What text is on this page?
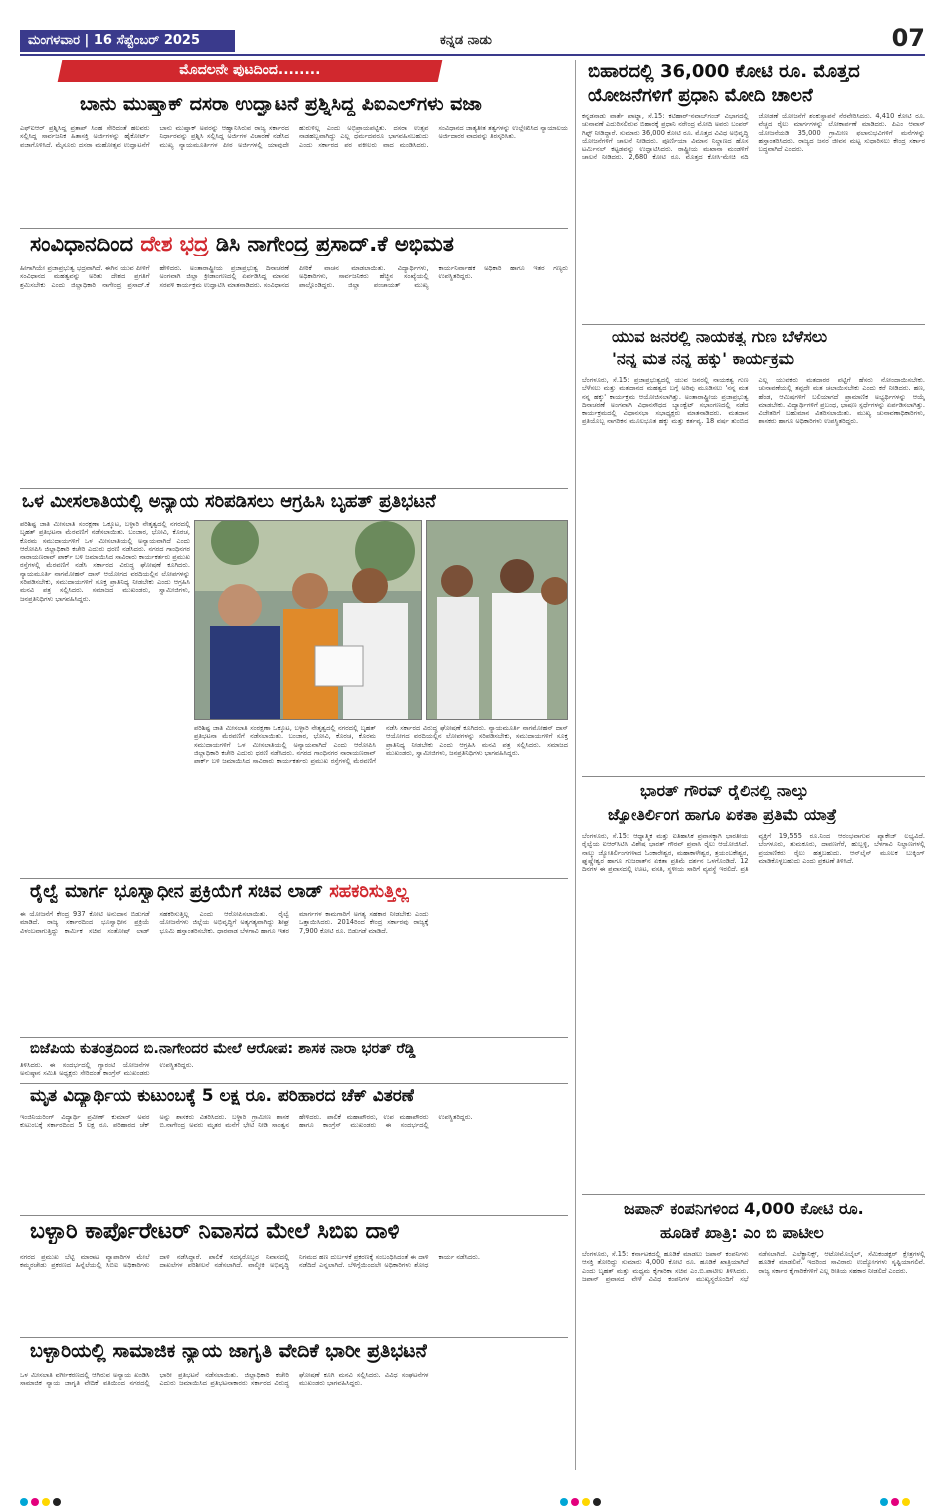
ಮಂಗಳವಾರ | 16 ಸೆಪ್ಟೆಂಬರ್ 2025	ಕನ್ನಡ ನಾಡು	07
ಮೊದಲನೇ ಪುಟದಿಂದ........
ಬಾನು ಮುಷ್ತಾಕ್ ದಸರಾ ಉದ್ಘಾಟನೆ ಪ್ರಶ್ನಿಸಿದ್ದ ಪಿಐಎಲ್‌ಗಳು ವಜಾ
ಎಫ್‌ಐಆರ್ ಪ್ರಶ್ನಿಸಿದ್ದ ಪ್ರತಾಪ್ ಸಿಂಹ ಸೇರಿದಂತೆ ಹಲವರು ಸಲ್ಲಿಸಿದ್ದ ಸಾರ್ವಜನಿಕ ಹಿತಾಸಕ್ತಿ ಅರ್ಜಿಗಳನ್ನು ಹೈಕೋರ್ಟ್ ವಜಾಗೊಳಿಸಿದೆ. ಮೈಸೂರು ದಸರಾ ಮಹೋತ್ಸವ ಉದ್ಘಾಟನೆಗೆ ಬಾನು ಮುಷ್ತಾಕ್ ಅವರನ್ನು ಆಹ್ವಾನಿಸಿರುವ ರಾಜ್ಯ ಸರ್ಕಾರದ ನಿರ್ಧಾರವನ್ನು ಪ್ರಶ್ನಿಸಿ ಸಲ್ಲಿಸಿದ್ದ ಅರ್ಜಿಗಳ ವಿಚಾರಣೆ ನಡೆಸಿದ ಮುಖ್ಯ ನ್ಯಾಯಮೂರ್ತಿಗಳ ಪೀಠ ಅರ್ಜಿಗಳಲ್ಲಿ ಯಾವುದೇ ಹುರುಳಿಲ್ಲ ಎಂದು ಅಭಿಪ್ರಾಯಪಟ್ಟಿತು. ದಸರಾ ಉತ್ಸವ ನಾಡಹಬ್ಬವಾಗಿದ್ದು ಎಲ್ಲ ಧರ್ಮದವರೂ ಭಾಗವಹಿಸಬಹುದು ಎಂದು ಸರ್ಕಾರದ ಪರ ವಕೀಲರು ವಾದ ಮಂಡಿಸಿದರು. ಸಂವಿಧಾನದ ಜಾತ್ಯತೀತ ತತ್ವಗಳನ್ನು ಉಲ್ಲೇಖಿಸಿದ ನ್ಯಾಯಾಲಯ ಅರ್ಜಿದಾರರ ವಾದವನ್ನು ತಿರಸ್ಕರಿಸಿತು.
ಸಂವಿಧಾನದಿಂದ ದೇಶ ಭದ್ರ ಡಿಸಿ ನಾಗೇಂದ್ರ ಪ್ರಸಾದ್.ಕೆ ಅಭಿಮತ
ಹೀಗಾಗಿಯೇ ಪ್ರಜಾಪ್ರಭುತ್ವ ಭದ್ರವಾಗಿದೆ. ಈಗಿನ ಯುವ ಪೀಳಿಗೆ ಸಂವಿಧಾನದ ಮಹತ್ವವನ್ನು ಅರಿತು ದೇಶದ ಪ್ರಗತಿಗೆ ಶ್ರಮಿಸಬೇಕು ಎಂದು ಜಿಲ್ಲಾಧಿಕಾರಿ ನಾಗೇಂದ್ರ ಪ್ರಸಾದ್.ಕೆ ಹೇಳಿದರು. ಅಂತಾರಾಷ್ಟ್ರೀಯ ಪ್ರಜಾಪ್ರಭುತ್ವ ದಿನಾಚರಣೆ ಅಂಗವಾಗಿ ಜಿಲ್ಲಾ ಕ್ರೀಡಾಂಗಣದಲ್ಲಿ ಏರ್ಪಡಿಸಿದ್ದ ಮಾನವ ಸರಪಳಿ ಕಾರ್ಯಕ್ರಮ ಉದ್ಘಾಟಿಸಿ ಮಾತನಾಡಿದರು. ಸಂವಿಧಾನದ ಪೀಠಿಕೆ ವಾಚನ ಮಾಡಲಾಯಿತು. ವಿದ್ಯಾರ್ಥಿಗಳು, ಅಧಿಕಾರಿಗಳು, ಸಾರ್ವಜನಿಕರು ಹೆಚ್ಚಿನ ಸಂಖ್ಯೆಯಲ್ಲಿ ಪಾಲ್ಗೊಂಡಿದ್ದರು. ಜಿಲ್ಲಾ ಪಂಚಾಯತ್ ಮುಖ್ಯ ಕಾರ್ಯನಿರ್ವಾಹಕ ಅಧಿಕಾರಿ ಹಾಗೂ ಇತರ ಗಣ್ಯರು ಉಪಸ್ಥಿತರಿದ್ದರು.
ಒಳ ಮೀಸಲಾತಿಯಲ್ಲಿ ಅನ್ಯಾಯ ಸರಿಪಡಿಸಲು ಆಗ್ರಹಿಸಿ ಬೃಹತ್ ಪ್ರತಿಭಟನೆ
ಪರಿಶಿಷ್ಟ ಜಾತಿ ಮೀಸಲಾತಿ ಸಂರಕ್ಷಣಾ ಒಕ್ಕೂಟ, ಬಳ್ಳಾರಿ ನೇತೃತ್ವದಲ್ಲಿ ನಗರದಲ್ಲಿ ಬೃಹತ್ ಪ್ರತಿಭಟನಾ ಮೆರವಣಿಗೆ ನಡೆಸಲಾಯಿತು. ಬಂಜಾರ, ಭೋವಿ, ಕೊರಚ, ಕೊರಮ ಸಮುದಾಯಗಳಿಗೆ ಒಳ ಮೀಸಲಾತಿಯಲ್ಲಿ ಅನ್ಯಾಯವಾಗಿದೆ ಎಂದು ಆರೋಪಿಸಿ ಜಿಲ್ಲಾಧಿಕಾರಿ ಕಚೇರಿ ಎದುರು ಧರಣಿ ನಡೆಸಿದರು. ನಗರದ ಗಾಂಧಿನಗರ ನಾರಾಯಣರಾವ್ ಪಾರ್ಕ್ ಬಳಿ ಜಮಾಯಿಸಿದ ಸಾವಿರಾರು ಕಾರ್ಯಕರ್ತರು ಪ್ರಮುಖ ರಸ್ತೆಗಳಲ್ಲಿ ಮೆರವಣಿಗೆ ನಡೆಸಿ ಸರ್ಕಾರದ ವಿರುದ್ಧ ಘೋಷಣೆ ಕೂಗಿದರು. ನ್ಯಾಯಮೂರ್ತಿ ನಾಗಮೋಹನ್ ದಾಸ್ ಆಯೋಗದ ವರದಿಯಲ್ಲಿನ ಲೋಪಗಳನ್ನು ಸರಿಪಡಿಸಬೇಕು, ಸಮುದಾಯಗಳಿಗೆ ಸೂಕ್ತ ಪ್ರಾತಿನಿಧ್ಯ ನೀಡಬೇಕು ಎಂದು ಆಗ್ರಹಿಸಿ ಮನವಿ ಪತ್ರ ಸಲ್ಲಿಸಿದರು. ಸಮಾಜದ ಮುಖಂಡರು, ಸ್ವಾಮೀಜಿಗಳು, ಜನಪ್ರತಿನಿಧಿಗಳು ಭಾಗವಹಿಸಿದ್ದರು.
ಪರಿಶಿಷ್ಟ ಜಾತಿ ಮೀಸಲಾತಿ ಸಂರಕ್ಷಣಾ ಒಕ್ಕೂಟ, ಬಳ್ಳಾರಿ ನೇತೃತ್ವದಲ್ಲಿ ನಗರದಲ್ಲಿ ಬೃಹತ್ ಪ್ರತಿಭಟನಾ ಮೆರವಣಿಗೆ ನಡೆಸಲಾಯಿತು. ಬಂಜಾರ, ಭೋವಿ, ಕೊರಚ, ಕೊರಮ ಸಮುದಾಯಗಳಿಗೆ ಒಳ ಮೀಸಲಾತಿಯಲ್ಲಿ ಅನ್ಯಾಯವಾಗಿದೆ ಎಂದು ಆರೋಪಿಸಿ ಜಿಲ್ಲಾಧಿಕಾರಿ ಕಚೇರಿ ಎದುರು ಧರಣಿ ನಡೆಸಿದರು. ನಗರದ ಗಾಂಧಿನಗರ ನಾರಾಯಣರಾವ್ ಪಾರ್ಕ್ ಬಳಿ ಜಮಾಯಿಸಿದ ಸಾವಿರಾರು ಕಾರ್ಯಕರ್ತರು ಪ್ರಮುಖ ರಸ್ತೆಗಳಲ್ಲಿ ಮೆರವಣಿಗೆ ನಡೆಸಿ ಸರ್ಕಾರದ ವಿರುದ್ಧ ಘೋಷಣೆ ಕೂಗಿದರು. ನ್ಯಾಯಮೂರ್ತಿ ನಾಗಮೋಹನ್ ದಾಸ್ ಆಯೋಗದ ವರದಿಯಲ್ಲಿನ ಲೋಪಗಳನ್ನು ಸರಿಪಡಿಸಬೇಕು, ಸಮುದಾಯಗಳಿಗೆ ಸೂಕ್ತ ಪ್ರಾತಿನಿಧ್ಯ ನೀಡಬೇಕು ಎಂದು ಆಗ್ರಹಿಸಿ ಮನವಿ ಪತ್ರ ಸಲ್ಲಿಸಿದರು. ಸಮಾಜದ ಮುಖಂಡರು, ಸ್ವಾಮೀಜಿಗಳು, ಜನಪ್ರತಿನಿಧಿಗಳು ಭಾಗವಹಿಸಿದ್ದರು.
ರೈಲ್ವೆ ಮಾರ್ಗ ಭೂಸ್ವಾಧೀನ ಪ್ರಕ್ರಿಯೆಗೆ ಸಚಿವ ಲಾಡ್ ಸಹಕರಿಸುತ್ತಿಲ್ಲ
ಈ ಯೋಜನೆಗೆ ಕೇಂದ್ರ 937 ಕೋಟಿ ಅನುದಾನ ಬಿಡುಗಡೆ ಮಾಡಿದೆ. ರಾಜ್ಯ ಸರ್ಕಾರದಿಂದ ಭೂಸ್ವಾಧೀನ ಪ್ರಕ್ರಿಯೆ ವಿಳಂಬವಾಗುತ್ತಿದ್ದು ಕಾರ್ಮಿಕ ಸಚಿವ ಸಂತೋಷ್ ಲಾಡ್ ಸಹಕರಿಸುತ್ತಿಲ್ಲ ಎಂದು ಆರೋಪಿಸಲಾಯಿತು. ರೈಲ್ವೆ ಯೋಜನೆಗಳು ಜಿಲ್ಲೆಯ ಅಭಿವೃದ್ಧಿಗೆ ಅತ್ಯಗತ್ಯವಾಗಿದ್ದು ಶೀಘ್ರ ಭೂಮಿ ಹಸ್ತಾಂತರಿಸಬೇಕು. ಧಾರವಾಡ ಬೆಳಗಾವಿ ಹಾಗೂ ಇತರ ಮಾರ್ಗಗಳ ಕಾಮಗಾರಿಗೆ ಅಗತ್ಯ ಸಹಕಾರ ನೀಡಬೇಕು ಎಂದು ಒತ್ತಾಯಿಸಿದರು. 2014ರಿಂದ ಕೇಂದ್ರ ಸರ್ಕಾರವು ರಾಜ್ಯಕ್ಕೆ 7,900 ಕೋಟಿ ರೂ. ಬಿಡುಗಡೆ ಮಾಡಿದೆ.
ಬಿಜೆಪಿಯ ಕುತಂತ್ರದಿಂದ ಬಿ.ನಾಗೇಂದರ ಮೇಲೆ ಆರೋಪ: ಶಾಸಕ ನಾರಾ ಭರತ್ ರೆಡ್ಡಿ
ತಿಳಿಸಿದರು. ಈ ಸಂದರ್ಭದಲ್ಲಿ ಗ್ಯಾರಂಟಿ ಯೋಜನೆಗಳ ಅನುಷ್ಠಾನ ಸಮಿತಿ ಅಧ್ಯಕ್ಷರು ಸೇರಿದಂತೆ ಕಾಂಗ್ರೆಸ್ ಮುಖಂಡರು ಉಪಸ್ಥಿತರಿದ್ದರು.
ಮೃತ ವಿದ್ಯಾರ್ಥಿಯ ಕುಟುಂಬಕ್ಕೆ 5 ಲಕ್ಷ ರೂ. ಪರಿಹಾರದ ಚೆಕ್ ವಿತರಣೆ
ಇಂಜಿನಿಯರಿಂಗ್ ವಿದ್ಯಾರ್ಥಿ ಪ್ರವೀಣ್ ಕುಮಾರ್ ಅವರ ಕುಟುಂಬಕ್ಕೆ ಸರ್ಕಾರದಿಂದ 5 ಲಕ್ಷ ರೂ. ಪರಿಹಾರದ ಚೆಕ್ ಅನ್ನು ಶಾಸಕರು ವಿತರಿಸಿದರು. ಬಳ್ಳಾರಿ ಗ್ರಾಮೀಣ ಶಾಸಕ ಬಿ.ನಾಗೇಂದ್ರ ಅವರು ಮೃತರ ಮನೆಗೆ ಭೇಟಿ ನೀಡಿ ಸಾಂತ್ವನ ಹೇಳಿದರು. ಪಾಲಿಕೆ ಮಹಾಪೌರರು, ಉಪ ಮಹಾಪೌರರು ಹಾಗೂ ಕಾಂಗ್ರೆಸ್ ಮುಖಂಡರು ಈ ಸಂದರ್ಭದಲ್ಲಿ ಉಪಸ್ಥಿತರಿದ್ದರು.
ಬಳ್ಳಾರಿ ಕಾರ್ಪೊರೇಟರ್ ನಿವಾಸದ ಮೇಲೆ ಸಿಬಿಐ ದಾಳಿ
ನಗರದ ಪ್ರಮುಖ ಬೆಟ್ಟಿ ಮಾರಾಟ ವ್ಯಾಪಾರಿಗಳ ಮೇಲೆ ಕಮ್ಮರಚೇಡು ಪ್ರಕರಣದ ಹಿನ್ನೆಲೆಯಲ್ಲಿ ಸಿಬಿಐ ಅಧಿಕಾರಿಗಳು ದಾಳಿ ನಡೆಸಿದ್ದಾರೆ. ಪಾಲಿಕೆ ಸದಸ್ಯರೊಬ್ಬರ ನಿವಾಸದಲ್ಲಿ ದಾಖಲೆಗಳ ಪರಿಶೀಲನೆ ನಡೆಸಲಾಗಿದೆ. ವಾಲ್ಮೀಕಿ ಅಭಿವೃದ್ಧಿ ನಿಗಮದ ಹಣ ದುರ್ಬಳಕೆ ಪ್ರಕರಣಕ್ಕೆ ಸಂಬಂಧಿಸಿದಂತೆ ಈ ದಾಳಿ ನಡೆದಿದೆ ಎನ್ನಲಾಗಿದೆ. ಬೆಳಿಗ್ಗೆಯಿಂದಲೇ ಅಧಿಕಾರಿಗಳು ಶೋಧ ಕಾರ್ಯ ನಡೆಸಿದರು.
ಬಳ್ಳಾರಿಯಲ್ಲಿ ಸಾಮಾಜಿಕ ನ್ಯಾಯ ಜಾಗೃತಿ ವೇದಿಕೆ ಭಾರೀ ಪ್ರತಿಭಟನೆ
ಒಳ ಮೀಸಲಾತಿ ವರ್ಗೀಕರಣದಲ್ಲಿ ಆಗಿರುವ ಅನ್ಯಾಯ ಖಂಡಿಸಿ ಸಾಮಾಜಿಕ ನ್ಯಾಯ ಜಾಗೃತಿ ವೇದಿಕೆ ವತಿಯಿಂದ ನಗರದಲ್ಲಿ ಭಾರೀ ಪ್ರತಿಭಟನೆ ನಡೆಸಲಾಯಿತು. ಜಿಲ್ಲಾಧಿಕಾರಿ ಕಚೇರಿ ಎದುರು ಜಮಾಯಿಸಿದ ಪ್ರತಿಭಟನಾಕಾರರು ಸರ್ಕಾರದ ವಿರುದ್ಧ ಘೋಷಣೆ ಕೂಗಿ ಮನವಿ ಸಲ್ಲಿಸಿದರು. ವಿವಿಧ ಸಂಘಟನೆಗಳ ಮುಖಂಡರು ಭಾಗವಹಿಸಿದ್ದರು.
ಬಿಹಾರದಲ್ಲಿ 36,000 ಕೋಟಿ ರೂ. ಮೊತ್ತದ
ಯೋಜನೆಗಳಿಗೆ ಪ್ರಧಾನಿ ಮೋದಿ ಚಾಲನೆ
ಕನ್ನಡನಾಡು ವಾರ್ತೆ ಪಾಟ್ನಾ, ಸೆ.15: ಕಟಿಹಾರ್-ನವಾಬ್‌ಗಂಜ್ ವಿಭಾಗದಲ್ಲಿ ಚುನಾವಣೆ ಎದುರಿಸಲಿರುವ ಬಿಹಾರಕ್ಕೆ ಪ್ರಧಾನಿ ನರೇಂದ್ರ ಮೋದಿ ಅವರು ಬಂಪರ್ ಗಿಫ್ಟ್ ನೀಡಿದ್ದಾರೆ. ಸುಮಾರು 36,000 ಕೋಟಿ ರೂ. ಮೊತ್ತದ ವಿವಿಧ ಅಭಿವೃದ್ಧಿ ಯೋಜನೆಗಳಿಗೆ ಚಾಲನೆ ನೀಡಿದರು. ಪೂರ್ಣಿಯಾ ವಿಮಾನ ನಿಲ್ದಾಣದ ಹೊಸ ಟರ್ಮಿನಲ್ ಕಟ್ಟಡವನ್ನು ಉದ್ಘಾಟಿಸಿದರು. ರಾಷ್ಟ್ರೀಯ ಮಖಾನಾ ಮಂಡಳಿಗೆ ಚಾಲನೆ ನೀಡಿದರು. 2,680 ಕೋಟಿ ರೂ. ಮೊತ್ತದ ಕೋಸಿ-ಮೇಚಿ ನದಿ ಜೋಡಣೆ ಯೋಜನೆಗೆ ಶಂಕುಸ್ಥಾಪನೆ ನೆರವೇರಿಸಿದರು. 4,410 ಕೋಟಿ ರೂ. ವೆಚ್ಚದ ರೈಲು ಮಾರ್ಗಗಳನ್ನು ಲೋಕಾರ್ಪಣೆ ಮಾಡಿದರು. ಪಿಎಂ ಆವಾಸ್ ಯೋಜನೆಯಡಿ 35,000 ಗ್ರಾಮೀಣ ಫಲಾನುಭವಿಗಳಿಗೆ ಮನೆಗಳನ್ನು ಹಸ್ತಾಂತರಿಸಿದರು. ರಾಜ್ಯದ ಜನರ ಜೀವನ ಮಟ್ಟ ಸುಧಾರಿಸಲು ಕೇಂದ್ರ ಸರ್ಕಾರ ಬದ್ಧವಾಗಿದೆ ಎಂದರು.
ಯುವ ಜನರಲ್ಲಿ ನಾಯಕತ್ವ ಗುಣ ಬೆಳೆಸಲು
'ನನ್ನ ಮತ ನನ್ನ ಹಕ್ಕು' ಕಾರ್ಯಕ್ರಮ
ಬೆಂಗಳೂರು, ಸೆ.15: ಪ್ರಜಾಪ್ರಭುತ್ವದಲ್ಲಿ ಯುವ ಜನರಲ್ಲಿ ನಾಯಕತ್ವ ಗುಣ ಬೆಳೆಸಲು ಮತ್ತು ಮತದಾನದ ಮಹತ್ವದ ಬಗ್ಗೆ ಅರಿವು ಮೂಡಿಸಲು 'ನನ್ನ ಮತ ನನ್ನ ಹಕ್ಕು' ಕಾರ್ಯಕ್ರಮ ಆಯೋಜಿಸಲಾಗಿತ್ತು. ಅಂತಾರಾಷ್ಟ್ರೀಯ ಪ್ರಜಾಪ್ರಭುತ್ವ ದಿನಾಚರಣೆ ಅಂಗವಾಗಿ ವಿಧಾನಸೌಧದ ಬ್ಯಾಂಕ್ವೆಟ್ ಸಭಾಂಗಣದಲ್ಲಿ ನಡೆದ ಕಾರ್ಯಕ್ರಮದಲ್ಲಿ ವಿಧಾನಸಭಾ ಸಭಾಧ್ಯಕ್ಷರು ಮಾತನಾಡಿದರು. ಮತದಾನ ಪ್ರತಿಯೊಬ್ಬ ನಾಗರಿಕನ ಮೂಲಭೂತ ಹಕ್ಕು ಮತ್ತು ಕರ್ತವ್ಯ. 18 ವರ್ಷ ತುಂಬಿದ ಎಲ್ಲ ಯುವಕರು ಮತದಾರರ ಪಟ್ಟಿಗೆ ಹೆಸರು ನೋಂದಾಯಿಸಬೇಕು. ಚುನಾವಣೆಯಲ್ಲಿ ತಪ್ಪದೇ ಮತ ಚಲಾಯಿಸಬೇಕು ಎಂದು ಕರೆ ನೀಡಿದರು. ಹಣ, ಹೆಂಡ, ಆಮಿಷಗಳಿಗೆ ಬಲಿಯಾಗದೆ ಪ್ರಾಮಾಣಿಕ ಅಭ್ಯರ್ಥಿಗಳನ್ನು ಆಯ್ಕೆ ಮಾಡಬೇಕು. ವಿದ್ಯಾರ್ಥಿಗಳಿಗೆ ಪ್ರಬಂಧ, ಭಾಷಣ ಸ್ಪರ್ಧೆಗಳನ್ನು ಏರ್ಪಡಿಸಲಾಗಿತ್ತು. ವಿಜೇತರಿಗೆ ಬಹುಮಾನ ವಿತರಿಸಲಾಯಿತು. ಮುಖ್ಯ ಚುನಾವಣಾಧಿಕಾರಿಗಳು, ಶಾಸಕರು ಹಾಗೂ ಅಧಿಕಾರಿಗಳು ಉಪಸ್ಥಿತರಿದ್ದರು.
ಭಾರತ್ ಗೌರವ್ ರೈಲಿನಲ್ಲಿ ನಾಲ್ಕು
ಜ್ಯೋತಿರ್ಲಿಂಗ ಹಾಗೂ ಏಕತಾ ಪ್ರತಿಮೆ ಯಾತ್ರೆ
ಬೆಂಗಳೂರು, ಸೆ.15: ಆಧ್ಯಾತ್ಮಿಕ ಮತ್ತು ಐತಿಹಾಸಿಕ ಪ್ರವಾಸಕ್ಕಾಗಿ ಭಾರತೀಯ ರೈಲ್ವೆಯ ಐಆರ್‌ಸಿಟಿಸಿ ವಿಶೇಷ ಭಾರತ್ ಗೌರವ್ ಪ್ರವಾಸಿ ರೈಲು ಆಯೋಜಿಸಿದೆ. ನಾಲ್ಕು ಜ್ಯೋತಿರ್ಲಿಂಗಗಳಾದ ಓಂಕಾರೇಶ್ವರ, ಮಹಾಕಾಳೇಶ್ವರ, ತ್ರಯಂಬಕೇಶ್ವರ, ಘೃಷ್ಣೇಶ್ವರ ಹಾಗೂ ಗುಜರಾತ್‌ನ ಏಕತಾ ಪ್ರತಿಮೆ ದರ್ಶನ ಒಳಗೊಂಡಿದೆ. 12 ದಿನಗಳ ಈ ಪ್ರವಾಸದಲ್ಲಿ ಊಟ, ವಸತಿ, ಸ್ಥಳೀಯ ಸಾರಿಗೆ ವ್ಯವಸ್ಥೆ ಇರಲಿದೆ. ಪ್ರತಿ ವ್ಯಕ್ತಿಗೆ 19,555 ರೂ.ನಿಂದ ಆರಂಭವಾಗುವ ಪ್ಯಾಕೇಜ್ ಲಭ್ಯವಿದೆ. ಬೆಂಗಳೂರು, ತುಮಕೂರು, ದಾವಣಗೆರೆ, ಹುಬ್ಬಳ್ಳಿ, ಬೆಳಗಾವಿ ನಿಲ್ದಾಣಗಳಲ್ಲಿ ಪ್ರಯಾಣಿಕರು ರೈಲು ಹತ್ತಬಹುದು. ಆನ್‌ಲೈನ್ ಮೂಲಕ ಬುಕ್ಕಿಂಗ್ ಮಾಡಿಕೊಳ್ಳಬಹುದು ಎಂದು ಪ್ರಕಟಣೆ ತಿಳಿಸಿದೆ.
ಜಪಾನ್ ಕಂಪನಿಗಳಿಂದ 4,000 ಕೋಟಿ ರೂ.
ಹೂಡಿಕೆ ಖಾತ್ರಿ: ಎಂ ಬಿ ಪಾಟೀಲ
ಬೆಂಗಳೂರು, ಸೆ.15: ಕರ್ನಾಟಕದಲ್ಲಿ ಹೂಡಿಕೆ ಮಾಡಲು ಜಪಾನ್ ಕಂಪನಿಗಳು ಆಸಕ್ತಿ ತೋರಿದ್ದು ಸುಮಾರು 4,000 ಕೋಟಿ ರೂ. ಹೂಡಿಕೆ ಖಾತ್ರಿಯಾಗಿದೆ ಎಂದು ಬೃಹತ್ ಮತ್ತು ಮಧ್ಯಮ ಕೈಗಾರಿಕಾ ಸಚಿವ ಎಂ.ಬಿ.ಪಾಟೀಲ ತಿಳಿಸಿದರು. ಜಪಾನ್ ಪ್ರವಾಸದ ವೇಳೆ ವಿವಿಧ ಕಂಪನಿಗಳ ಮುಖ್ಯಸ್ಥರೊಂದಿಗೆ ಸಭೆ ನಡೆಸಲಾಗಿದೆ. ಎಲೆಕ್ಟ್ರಾನಿಕ್ಸ್, ಆಟೋಮೊಬೈಲ್, ಸೆಮಿಕಂಡಕ್ಟರ್ ಕ್ಷೇತ್ರಗಳಲ್ಲಿ ಹೂಡಿಕೆ ಮಾಡಲಿವೆ. ಇದರಿಂದ ಸಾವಿರಾರು ಉದ್ಯೋಗಗಳು ಸೃಷ್ಟಿಯಾಗಲಿವೆ. ರಾಜ್ಯ ಸರ್ಕಾರ ಕೈಗಾರಿಕೆಗಳಿಗೆ ಎಲ್ಲ ರೀತಿಯ ಸಹಕಾರ ನೀಡಲಿದೆ ಎಂದರು.
